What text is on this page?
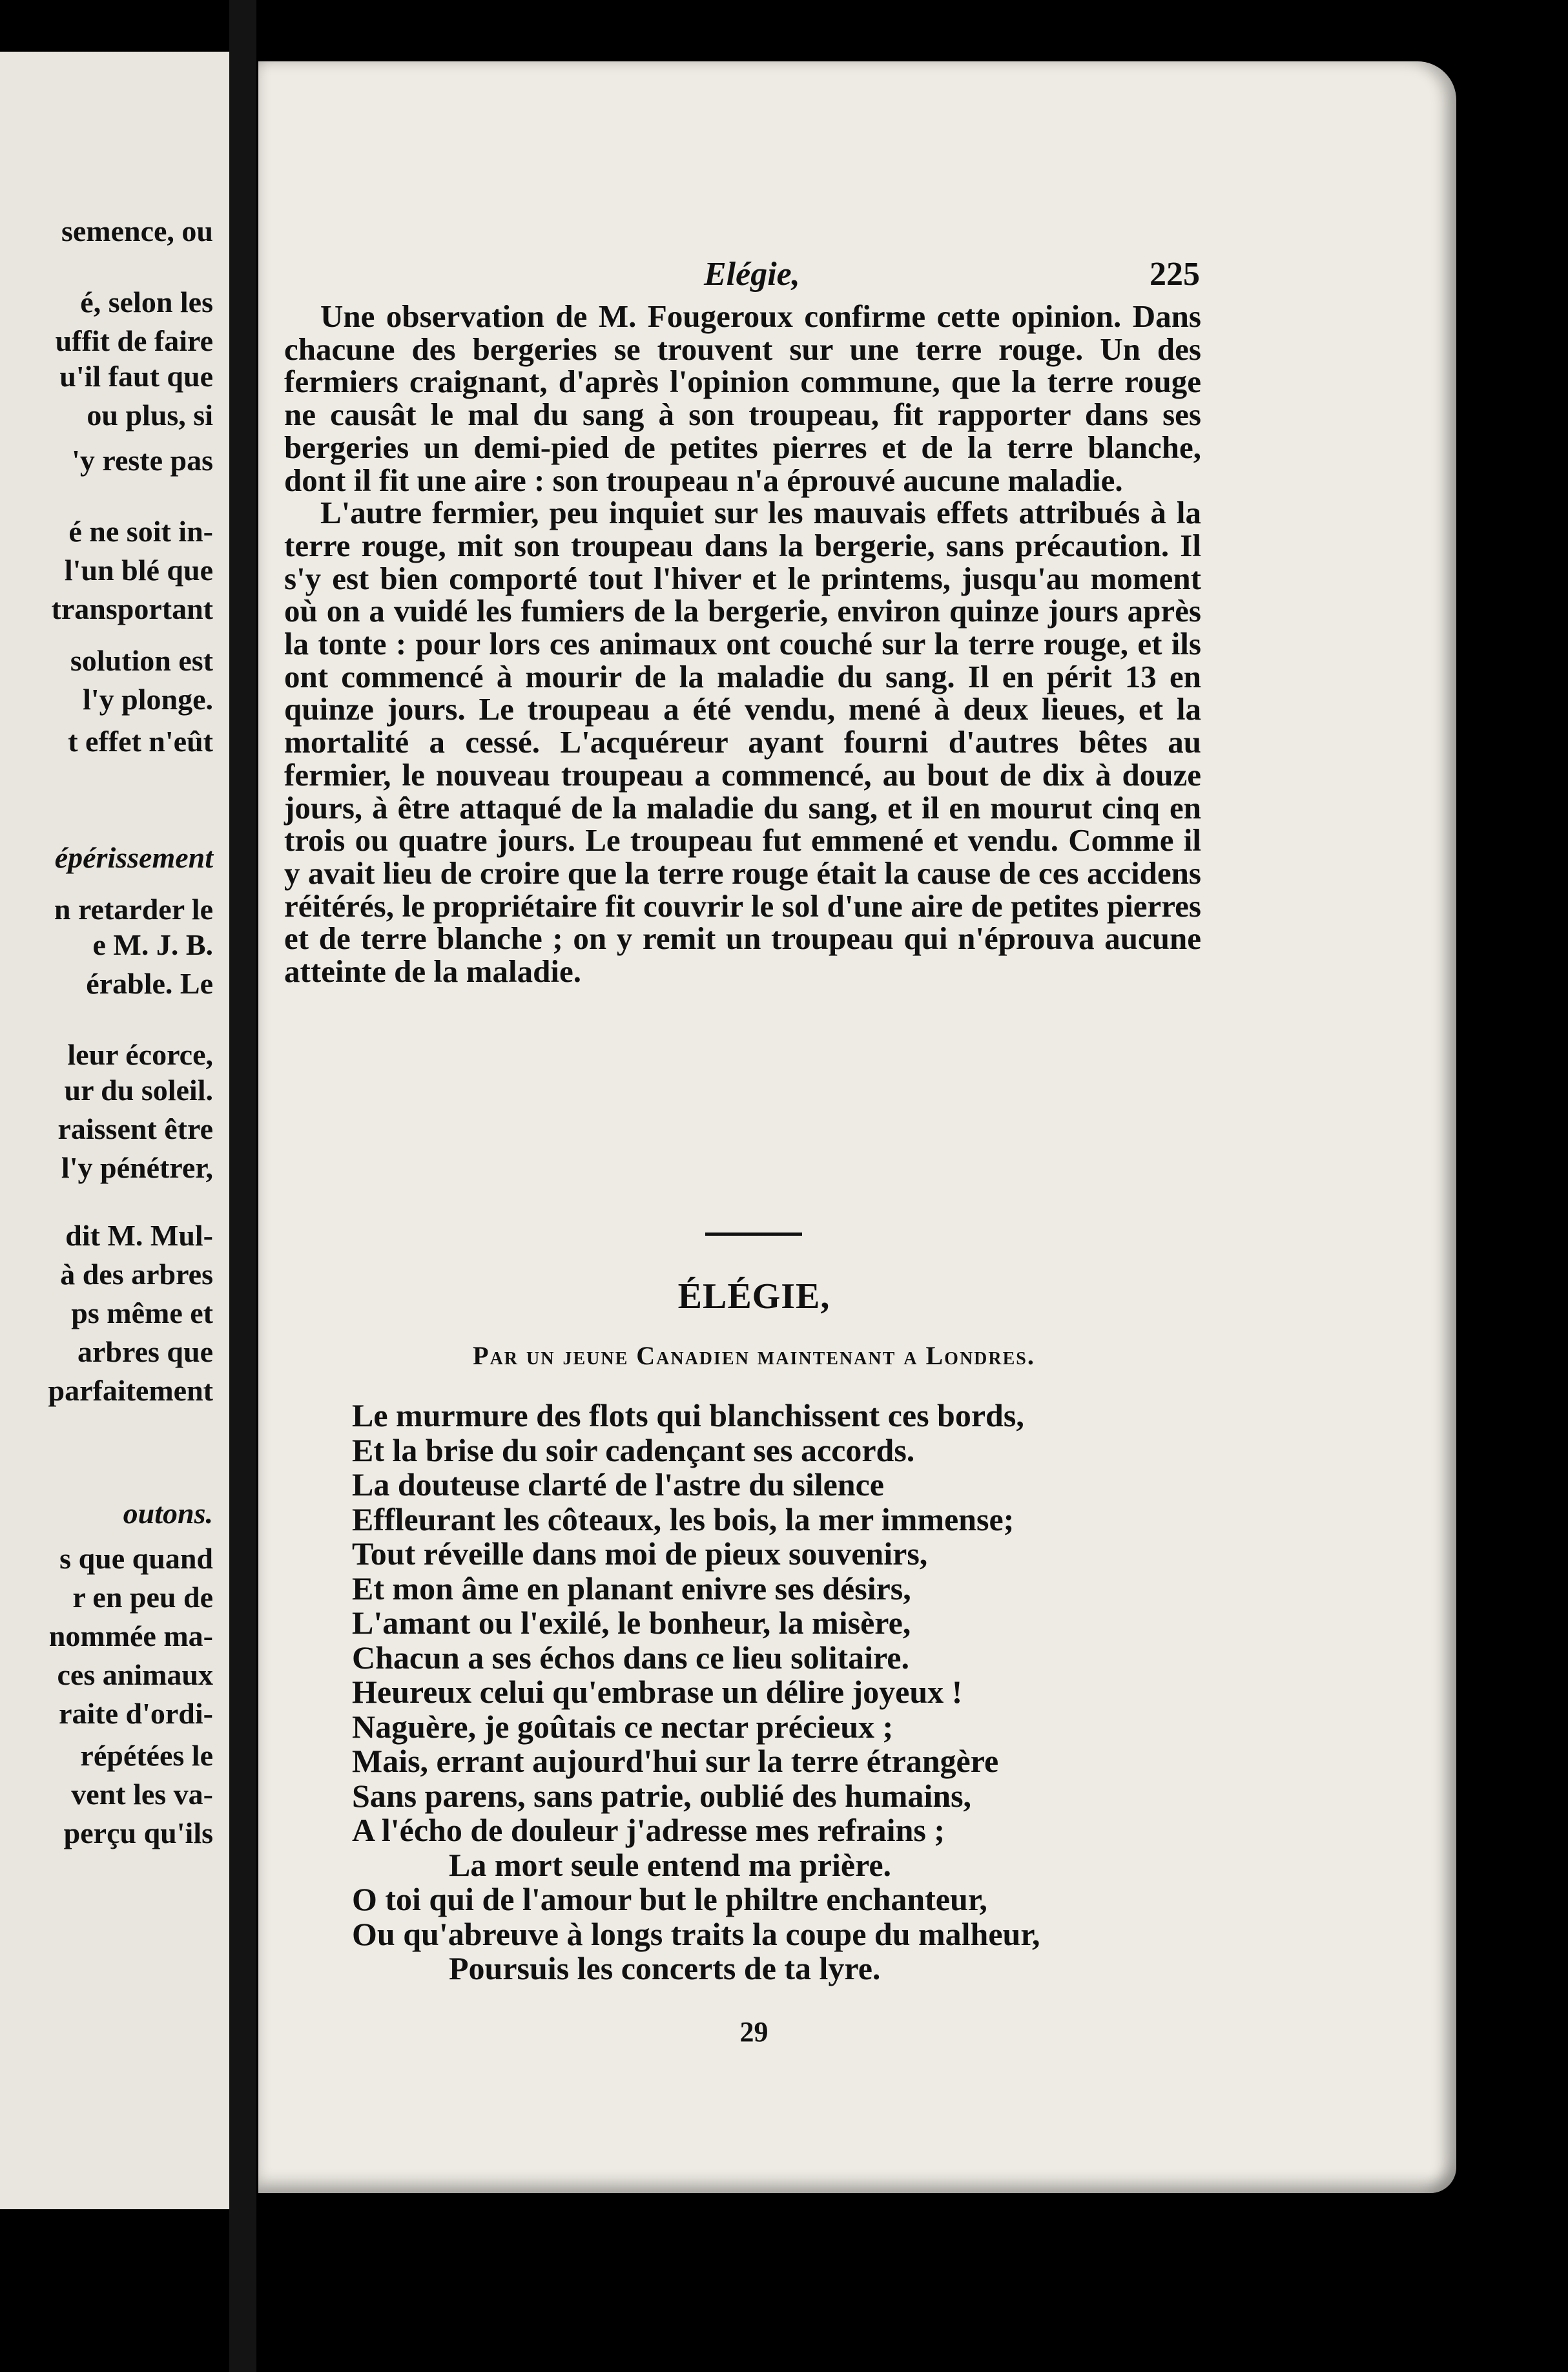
semence, ou
é, selon les
uffit de faire
u'il faut que
ou plus, si
'y reste pas
é ne soit in-
l'un blé que
transportant
solution est
l'y plonge.
t effet n'eût
épérissement
n retarder le
e M. J. B.
érable. Le
leur écorce,
ur du soleil.
raissent être
l'y pénétrer,
dit M. Mul-
à des arbres
ps même et
arbres que
parfaitement
outons.
s que quand
r en peu de
nommée ma-
ces animaux
raite d'ordi-
répétées le
vent les va-
perçu qu'ils
Elégie,	225

Une observation de M. Fougeroux confirme cette opinion. Dans chacune des bergeries se trouvent sur une terre rouge. Un des fermiers craignant, d'après l'opinion commune, que la terre rouge ne causât le mal du sang à son troupeau, fit rapporter dans ses bergeries un demi-pied de petites pierres et de la terre blanche, dont il fit une aire : son troupeau n'a éprouvé aucune maladie.

L'autre fermier, peu inquiet sur les mauvais effets attribués à la terre rouge, mit son troupeau dans la bergerie, sans précaution. Il s'y est bien comporté tout l'hiver et le printems, jusqu'au moment où on a vuidé les fumiers de la bergerie, environ quinze jours après la tonte : pour lors ces animaux ont couché sur la terre rouge, et ils ont commencé à mourir de la maladie du sang. Il en périt 13 en quinze jours. Le troupeau a été vendu, mené à deux lieues, et la mortalité a cessé. L'acquéreur ayant fourni d'autres bêtes au fermier, le nouveau troupeau a commencé, au bout de dix à douze jours, à être attaqué de la maladie du sang, et il en mourut cinq en trois ou quatre jours. Le troupeau fut emmené et vendu. Comme il y avait lieu de croire que la terre rouge était la cause de ces accidens réitérés, le propriétaire fit couvrir le sol d'une aire de petites pierres et de terre blanche ; on y remit un troupeau qui n'éprouva aucune atteinte de la maladie.

ÉLÉGIE,
Par un jeune Canadien maintenant a Londres.
Le murmure des flots qui blanchissent ces bords,
Et la brise du soir cadençant ses accords.
La douteuse clarté de l'astre du silence
Effleurant les côteaux, les bois, la mer immense;
Tout réveille dans moi de pieux souvenirs,
Et mon âme en planant enivre ses désirs,
L'amant ou l'exilé, le bonheur, la misère,
Chacun a ses échos dans ce lieu solitaire.
Heureux celui qu'embrase un délire joyeux !
Naguère, je goûtais ce nectar précieux ;
Mais, errant aujourd'hui sur la terre étrangère
Sans parens, sans patrie, oublié des humains,
A l'écho de douleur j'adresse mes refrains ;
La mort seule entend ma prière.
O toi qui de l'amour but le philtre enchanteur,
Ou qu'abreuve à longs traits la coupe du malheur,
Poursuis les concerts de ta lyre.
29
